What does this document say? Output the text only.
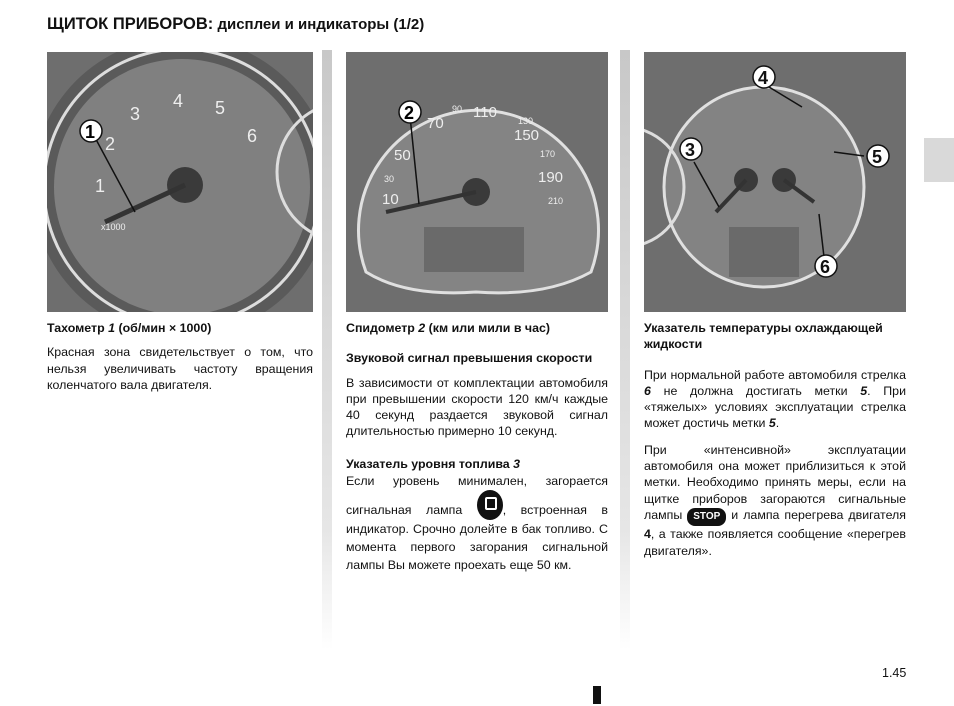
ЩИТОК ПРИБОРОВ: дисплеи и индикаторы (1/2)
1
2
3
4 5
6
x1000
1
10
30
50
70
90 110 130
150
170
190
210
2
3
4
5
6
Тахометр 1 (об/мин × 1000)

Красная зона свидетельствует о том, что нельзя увеличивать частоту вращения коленчатого вала двигателя.

Спидометр 2 (км или мили в час)
Звуковой сигнал превышения скорости

В зависимости от комплектации автомобиля при превышении скорости 120 км/ч каждые 40 секунд раздается звуковой сигнал длительностью примерно 10 секунд.

Указатель уровня топлива 3

Если уровень минимален, загорается сигнальная лампа , встроенная в индикатор. Срочно долейте в бак топливо. С момента первого загорания сигнальной лампы Вы можете проехать еще 50 км.

Указатель температуры охлаждающей жидкости

При нормальной работе автомобиля стрелка 6 не должна достигать метки 5. При «тяжелых» условиях эксплуатации стрелка может достичь метки 5.

При «интенсивной» эксплуатации автомобиля она может приблизиться к этой метки. Необходимо принять меры, если на щитке приборов загораются сигнальные лампы STOP и лампа перегрева двигателя 4, а также появляется сообщение «перегрев двигателя».

1.45
